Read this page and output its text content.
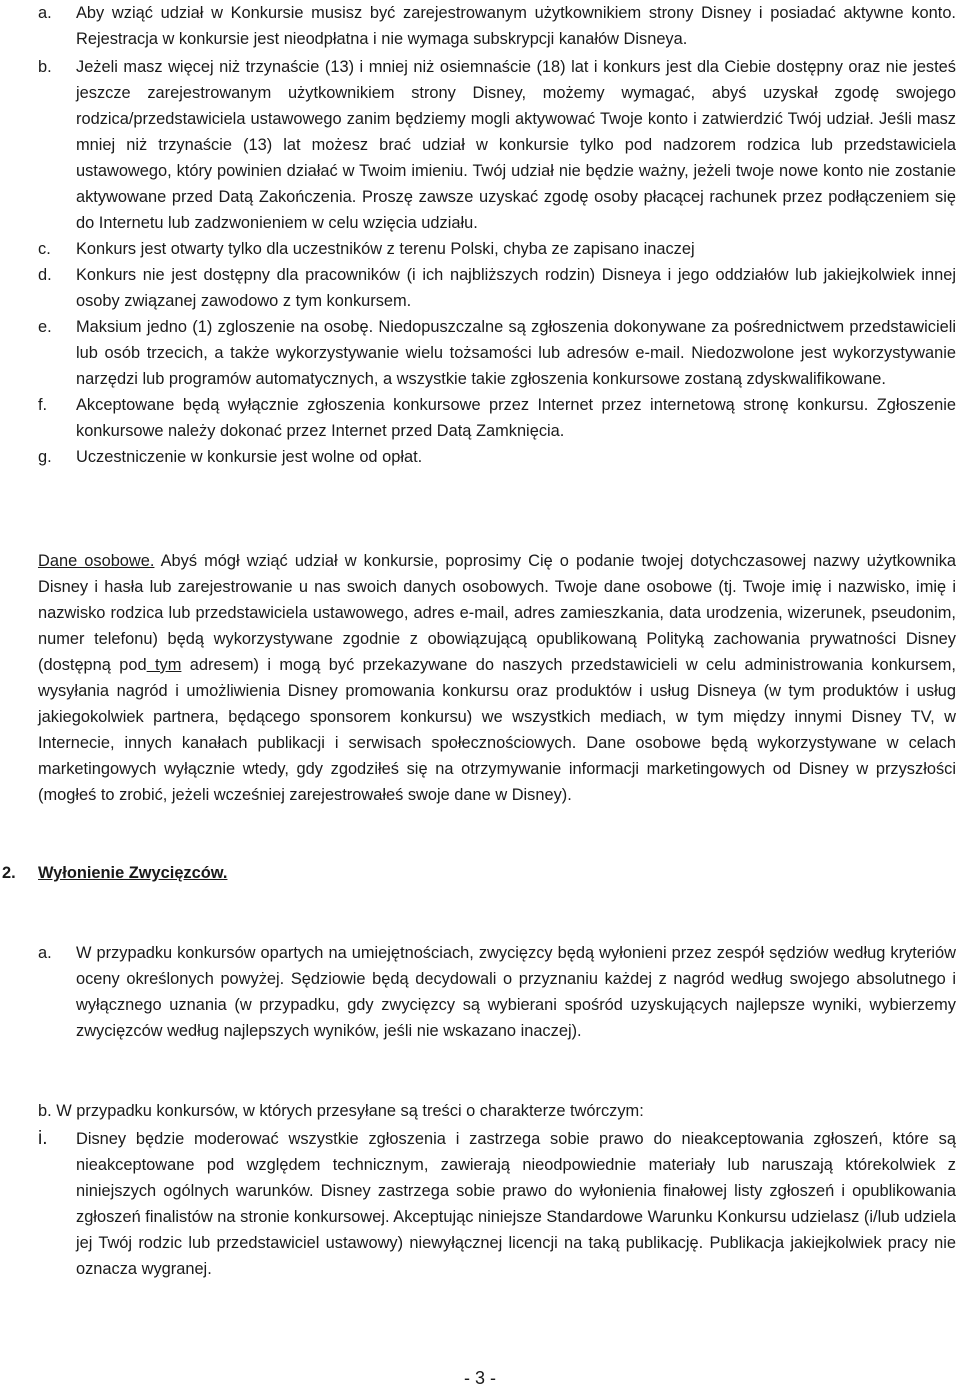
a.	Aby wziąć udział w Konkursie musisz być zarejestrowanym użytkownikiem strony Disney i posiadać aktywne konto. Rejestracja w konkursie jest nieodpłatna i nie wymaga subskrypcji kanałów Disneya.
b.	Jeżeli masz więcej niż trzynaście (13) i mniej niż osiemnaście (18) lat i konkurs jest dla Ciebie dostępny oraz nie jesteś jeszcze zarejestrowanym użytkownikiem strony Disney, możemy wymagać, abyś uzyskał zgodę swojego rodzica/przedstawiciela ustawowego zanim będziemy mogli aktywować Twoje konto i zatwierdzić Twój udział. Jeśli masz mniej niż trzynaście (13) lat możesz brać udział w konkursie tylko pod nadzorem rodzica lub przedstawiciela ustawowego, który powinien działać w Twoim imieniu. Twój udział nie będzie ważny, jeżeli twoje nowe konto nie zostanie aktywowane przed Datą Zakończenia. Proszę zawsze uzyskać zgodę osoby płacącej rachunek przez podłączeniem się do Internetu lub zadzwonieniem w celu wzięcia udziału.
c.	Konkurs jest otwarty tylko dla uczestników z terenu Polski, chyba ze zapisano inaczej
d.	Konkurs nie jest dostępny dla pracowników (i ich najbliższych rodzin) Disneya i jego oddziałów lub jakiejkolwiek innej osoby związanej zawodowo z tym konkursem.
e.	Maksium jedno (1) zgloszenie na osobę. Niedopuszczalne są zgłoszenia dokonywane za pośrednictwem przedstawicieli lub osób trzecich, a także wykorzystywanie wielu tożsamości lub adresów e-mail. Niedozwolone jest wykorzystywanie narzędzi lub programów automatycznych, a wszystkie takie zgłoszenia konkursowe zostaną zdyskwalifikowane.
f.	Akceptowane będą wyłącznie zgłoszenia konkursowe przez Internet przez internetową stronę konkursu. Zgłoszenie konkursowe należy dokonać przez Internet przed Datą Zamknięcia.
g.	Uczestniczenie w konkursie jest wolne od opłat.
Dane osobowe. Abyś mógł wziąć udział w konkursie, poprosimy Cię o podanie twojej dotychczasowej nazwy użytkownika Disney i hasła lub zarejestrowanie u nas swoich danych osobowych. Twoje dane osobowe (tj. Twoje imię i nazwisko, imię i nazwisko rodzica lub przedstawiciela ustawowego, adres e-mail, adres zamieszkania, data urodzenia, wizerunek, pseudonim, numer telefonu) będą wykorzystywane zgodnie z obowiązującą opublikowaną Polityką zachowania prywatności Disney (dostępną pod tym adresem) i mogą być przekazywane do naszych przedstawicieli w celu administrowania konkursem, wysyłania nagród i umożliwienia Disney promowania konkursu oraz produktów i usług Disneya (w tym produktów i usług jakiegokolwiek partnera, będącego sponsorem konkursu) we wszystkich mediach, w tym między innymi Disney TV, w Internecie, innych kanałach publikacji i serwisach społecznościowych. Dane osobowe będą wykorzystywane w celach marketingowych wyłącznie wtedy, gdy zgodziłeś się na otrzymywanie informacji marketingowych od Disney w przyszłości (mogłeś to zrobić, jeżeli wcześniej zarejestrowałeś swoje dane w Disney).
2.	Wyłonienie Zwycięzców.
a.	W przypadku konkursów opartych na umiejętnościach, zwycięzcy będą wyłonieni przez zespół sędziów według kryteriów oceny określonych powyżej. Sędziowie będą decydowali o przyznaniu każdej z nagród według swojego absolutnego i wyłącznego uznania (w przypadku, gdy zwycięzcy są wybierani spośród uzyskujących najlepsze wyniki, wybierzemy zwycięzców według najlepszych wyników, jeśli nie wskazano inaczej).
b. W przypadku konkursów, w których przesyłane są treści o charakterze twórczym:
i.	Disney będzie moderować wszystkie zgłoszenia i zastrzega sobie prawo do nieakceptowania zgłoszeń, które są nieakceptowane pod względem technicznym, zawierają nieodpowiednie materiały lub naruszają którekolwiek z niniejszych ogólnych warunków. Disney zastrzega sobie prawo do wyłonienia finałowej listy zgłoszeń i opublikowania zgłoszeń finalistów na stronie konkursowej. Akceptując niniejsze Standardowe Warunku Konkursu udzielasz (i/lub udziela jej Twój rodzic lub przedstawiciel ustawowy) niewyłącznej licencji na taką publikację. Publikacja jakiejkolwiek pracy nie oznacza wygranej.
- 3 -
